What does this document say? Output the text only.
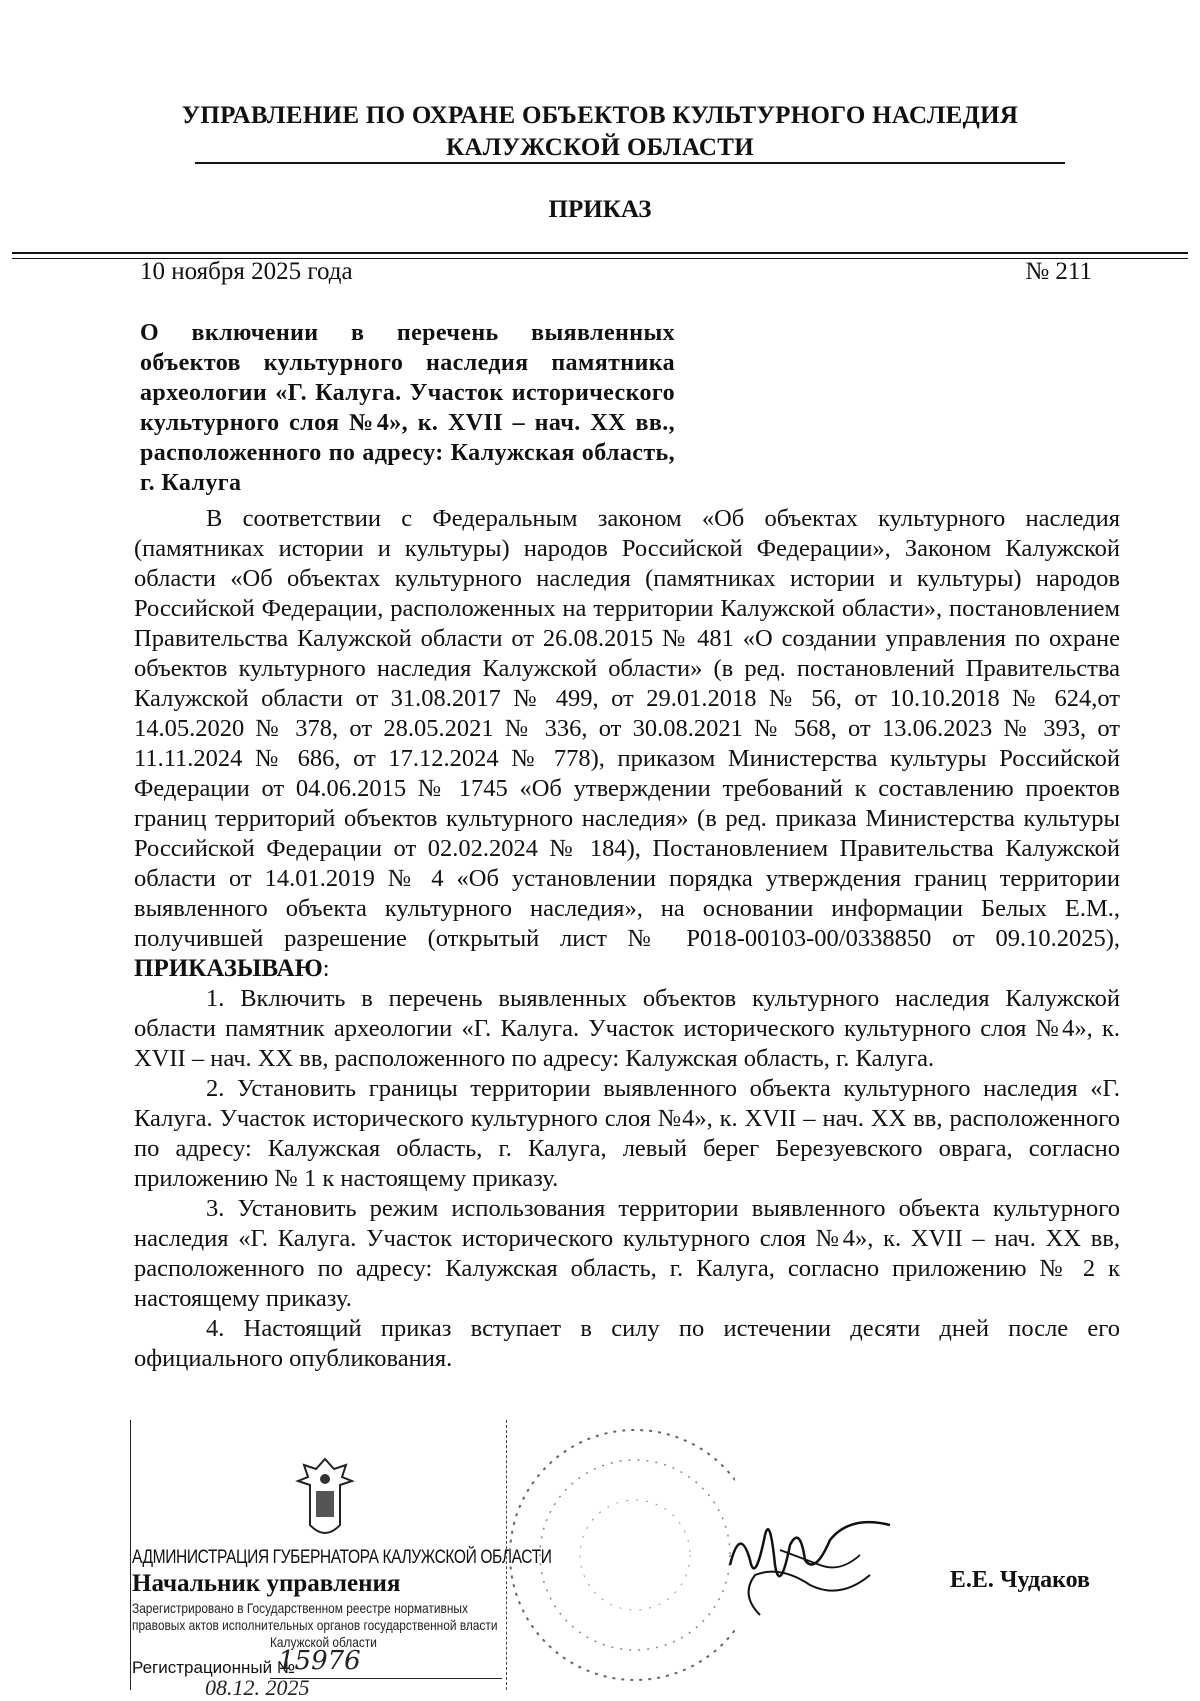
УПРАВЛЕНИЕ ПО ОХРАНЕ ОБЪЕКТОВ КУЛЬТУРНОГО НАСЛЕДИЯ
КАЛУЖСКОЙ ОБЛАСТИ
ПРИКАЗ
10 ноября 2025 года	№ 211
О включении в перечень выявленных объектов культурного наследия памятника археологии «Г. Калуга. Участок исторического культурного слоя №4», к. XVII – нач. XX вв., расположенного по адресу: Калужская область, г. Калуга

В соответствии с Федеральным законом «Об объектах культурного наследия (памятниках истории и культуры) народов Российской Федерации», Законом Калужской области «Об объектах культурного наследия (памятниках истории и культуры) народов Российской Федерации, расположенных на территории Калужской области», постановлением Правительства Калужской области от 26.08.2015 № 481 «О создании управления по охране объектов культурного наследия Калужской области» (в ред. постановлений Правительства Калужской области от 31.08.2017 № 499, от 29.01.2018 № 56, от 10.10.2018 № 624,от 14.05.2020 № 378, от 28.05.2021 № 336, от 30.08.2021 № 568, от 13.06.2023 № 393, от 11.11.2024 № 686, от 17.12.2024 № 778), приказом Министерства культуры Российской Федерации от 04.06.2015 № 1745 «Об утверждении требований к составлению проектов границ территорий объектов культурного наследия» (в ред. приказа Министерства культуры Российской Федерации от 02.02.2024 № 184), Постановлением Правительства Калужской области от 14.01.2019 № 4 «Об установлении порядка утверждения границ территории выявленного объекта культурного наследия», на основании информации Белых Е.М., получившей разрешение (открытый лист № Р018-00103-00/0338850 от 09.10.2025),

ПРИКАЗЫВАЮ:

1. Включить в перечень выявленных объектов культурного наследия Калужской области памятник археологии «Г. Калуга. Участок исторического культурного слоя №4», к. XVII – нач. XX вв, расположенного по адресу: Калужская область, г. Калуга.

2. Установить границы территории выявленного объекта культурного наследия «Г. Калуга. Участок исторического культурного слоя №4», к. XVII – нач. XX вв, расположенного по адресу: Калужская область, г. Калуга, левый берег Березуевского оврага, согласно приложению № 1 к настоящему приказу.

3. Установить режим использования территории выявленного объекта культурного наследия «Г. Калуга. Участок исторического культурного слоя №4», к. XVII – нач. XX вв, расположенного по адресу: Калужская область, г. Калуга, согласно приложению № 2 к настоящему приказу.

4. Настоящий приказ вступает в силу по истечении десяти дней после его официального опубликования.

АДМИНИСТРАЦИЯ ГУБЕРНАТОРА КАЛУЖСКОЙ ОБЛАСТИ
Начальник управления
Зарегистрировано в Государственном реестре нормативных
правовых актов исполнительных органов государственной власти
Калужской области
Регистрационный №
15976
08.12. 2025
Е.Е. Чудаков
